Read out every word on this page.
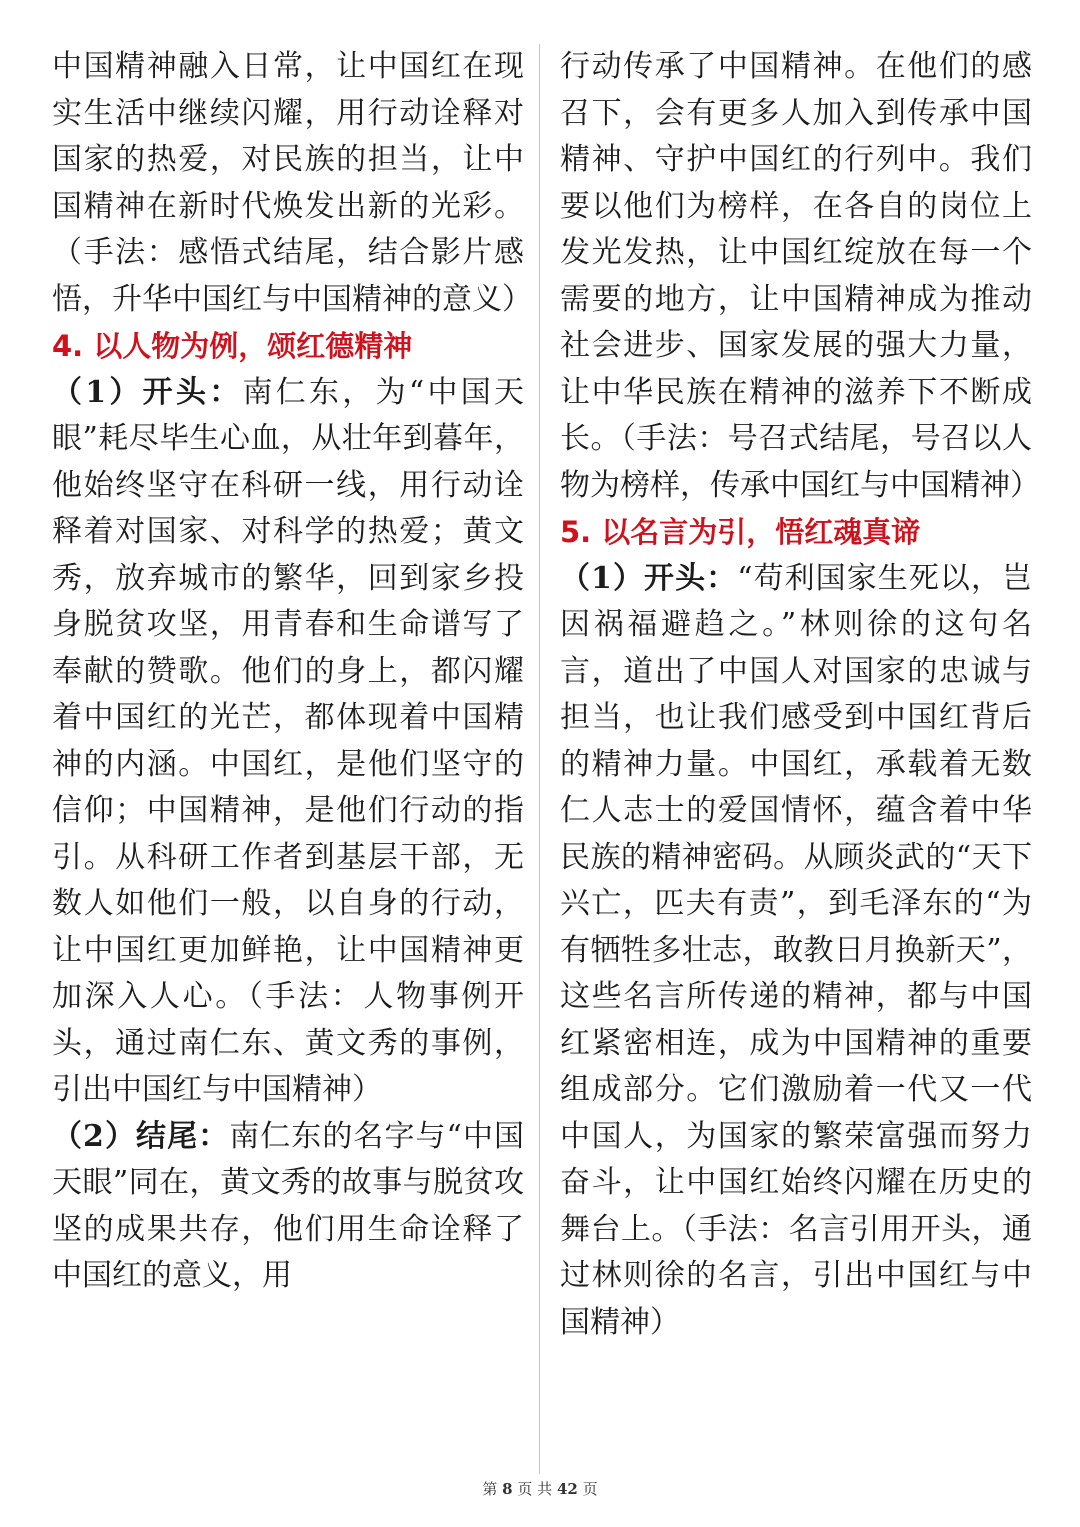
中国精神融入日常，让中国红在现实生活中继续闪耀，用行动诠释对国家的热爱，对民族的担当，让中国精神在新时代焕发出新的光彩。（手法：感悟式结尾，结合影片感悟，升华中国红与中国精神的意义）

4. 以人物为例，颂红德精神

（1）开头：南仁东，为“中国天眼”耗尽毕生心血，从壮年到暮年，他始终坚守在科研一线，用行动诠释着对国家、对科学的热爱；黄文秀，放弃城市的繁华，回到家乡投身脱贫攻坚，用青春和生命谱写了奉献的赞歌。他们的身上，都闪耀着中国红的光芒，都体现着中国精神的内涵。中国红，是他们坚守的信仰；中国精神，是他们行动的指引。从科研工作者到基层干部，无数人如他们一般，以自身的行动，让中国红更加鲜艳，让中国精神更加深入人心。（手法：人物事例开头，通过南仁东、黄文秀的事例，引出中国红与中国精神）

（2）结尾：南仁东的名字与“中国天眼”同在，黄文秀的故事与脱贫攻坚的成果共存，他们用生命诠释了中国红的意义，用

行动传承了中国精神。在他们的感召下，会有更多人加入到传承中国精神、守护中国红的行列中。我们要以他们为榜样，在各自的岗位上发光发热，让中国红绽放在每一个需要的地方，让中国精神成为推动社会进步、国家发展的强大力量，让中华民族在精神的滋养下不断成长。（手法：号召式结尾，号召以人物为榜样，传承中国红与中国精神）

5. 以名言为引，悟红魂真谛

（1）开头：“苟利国家生死以，岂因祸福避趋之。”林则徐的这句名言，道出了中国人对国家的忠诚与担当，也让我们感受到中国红背后的精神力量。中国红，承载着无数仁人志士的爱国情怀，蕴含着中华民族的精神密码。从顾炎武的“天下兴亡，匹夫有责”，到毛泽东的“为有牺牲多壮志，敢教日月换新天”，这些名言所传递的精神，都与中国红紧密相连，成为中国精神的重要组成部分。它们激励着一代又一代中国人，为国家的繁荣富强而努力奋斗，让中国红始终闪耀在历史的舞台上。（手法：名言引用开头，通过林则徐的名言，引出中国红与中国精神）

第 8 页 共 42 页
